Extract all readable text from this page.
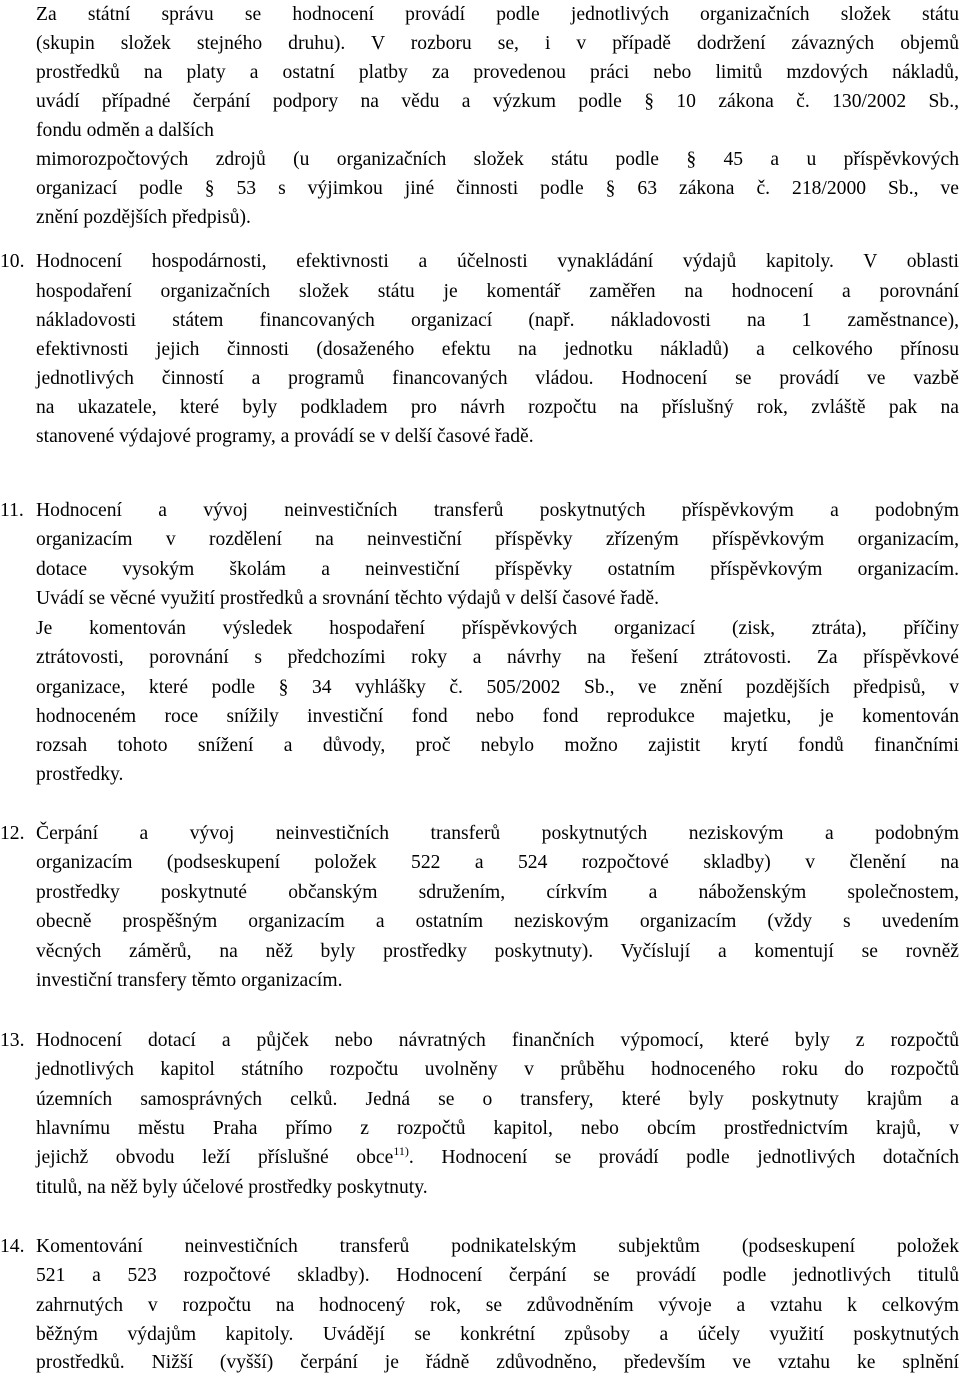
Za státní správu se hodnocení provádí podle jednotlivých organizačních složek státu
(skupin složek stejného druhu). V rozboru se, i v případě dodržení závazných objemů
prostředků na platy a ostatní platby za provedenou práci nebo limitů mzdových nákladů,
uvádí případné čerpání podpory na vědu a výzkum podle § 10 zákona č. 130/2002 Sb.,
fondu odměn a dalších
mimorozpočtových zdrojů (u organizačních složek státu podle § 45 a u příspěvkových
organizací podle § 53 s výjimkou jiné činnosti podle § 63 zákona č. 218/2000 Sb., ve
znění pozdějších předpisů).
10. Hodnocení hospodárnosti, efektivnosti a účelnosti vynakládání výdajů kapitoly. V oblasti
hospodaření organizačních složek státu je komentář zaměřen na hodnocení a porovnání
nákladovosti státem financovaných organizací (např. nákladovosti na 1 zaměstnance),
efektivnosti jejich činnosti (dosaženého efektu na jednotku nákladů) a celkového přínosu
jednotlivých činností a programů financovaných vládou. Hodnocení se provádí ve vazbě
na ukazatele, které byly podkladem pro návrh rozpočtu na příslušný rok, zvláště pak na
stanovené výdajové programy, a provádí se v delší časové řadě.
11. Hodnocení a vývoj neinvestičních transferů poskytnutých příspěvkovým a podobným
organizacím v rozdělení na neinvestiční příspěvky zřízeným příspěvkovým organizacím,
dotace vysokým školám a neinvestiční příspěvky ostatním příspěvkovým organizacím.
Uvádí se věcné využití prostředků a srovnání těchto výdajů v delší časové řadě.
Je komentován výsledek hospodaření příspěvkových organizací (zisk, ztráta), příčiny
ztrátovosti, porovnání s předchozími roky a návrhy na řešení ztrátovosti. Za příspěvkové
organizace, které podle § 34 vyhlášky č. 505/2002 Sb., ve znění pozdějších předpisů, v
hodnoceném roce snížily investiční fond nebo fond reprodukce majetku, je komentován
rozsah tohoto snížení a důvody, proč nebylo možno zajistit krytí fondů finančními
prostředky.
12. Čerpání a vývoj neinvestičních transferů poskytnutých neziskovým a podobným
organizacím (podseskupení položek 522 a 524 rozpočtové skladby) v členění na
prostředky poskytnuté občanským sdružením, církvím a náboženským společnostem,
obecně prospěšným organizacím a ostatním neziskovým organizacím (vždy s uvedením
věcných záměrů, na něž byly prostředky poskytnuty). Vyčíslují a komentují se rovněž
investiční transfery těmto organizacím.
13. Hodnocení dotací a půjček nebo návratných finančních výpomocí, které byly z rozpočtů
jednotlivých kapitol státního rozpočtu uvolněny v průběhu hodnoceného roku do rozpočtů
územních samosprávných celků. Jedná se o transfery, které byly poskytnuty krajům a
hlavnímu městu Praha přímo z rozpočtů kapitol, nebo obcím prostřednictvím krajů, v
jejichž obvodu leží příslušné obce$^{11)}$. Hodnocení se provádí podle jednotlivých dotačních
titulů, na něž byly účelové prostředky poskytnuty.
14. Komentování neinvestičních transferů podnikatelským subjektům (podseskupení položek
521 a 523 rozpočtové skladby). Hodnocení čerpání se provádí podle jednotlivých titulů
zahrnutých v rozpočtu na hodnocený rok, se zdůvodněním vývoje a vztahu k celkovým
běžným výdajům kapitoly. Uvádějí se konkrétní způsoby a účely využití poskytnutých
prostředků. Nižší (vyšší) čerpání je řádně zdůvodněno, především ve vztahu ke splnění
